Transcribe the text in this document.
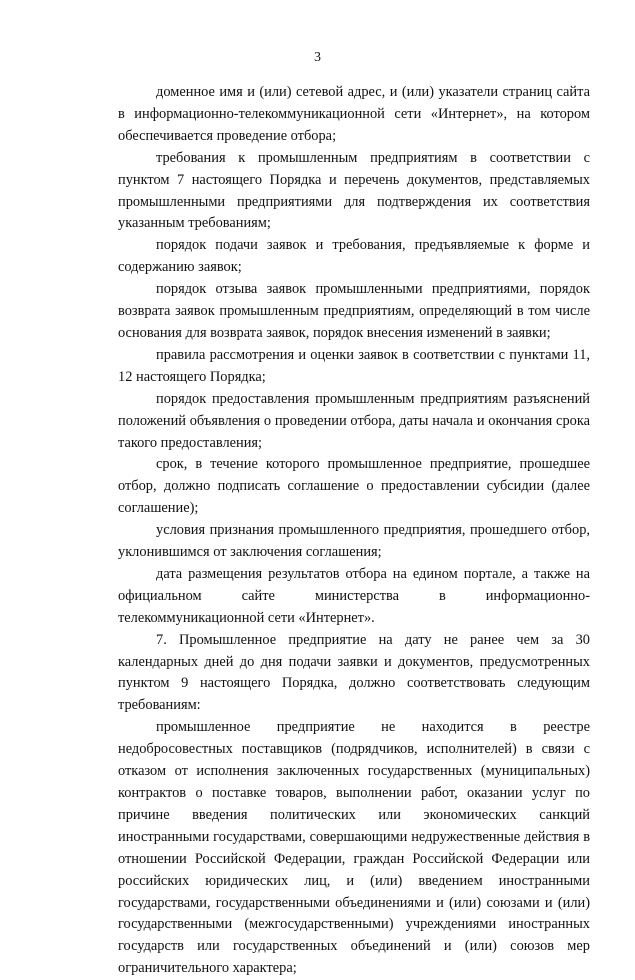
3

доменное имя и (или) сетевой адрес, и (или) указатели страниц сайта в информационно-телекоммуникационной сети «Интернет», на котором обеспечивается проведение отбора;

требования к промышленным предприятиям в соответствии с пунктом 7 настоящего Порядка и перечень документов, представляемых промышленными предприятиями для подтверждения их соответствия указанным требованиям;

порядок подачи заявок и требования, предъявляемые к форме и содержанию заявок;

порядок отзыва заявок промышленными предприятиями, порядок возврата заявок промышленным предприятиям, определяющий в том числе основания для возврата заявок, порядок внесения изменений в заявки;

правила рассмотрения и оценки заявок в соответствии с пунктами 11, 12 настоящего Порядка;

порядок предоставления промышленным предприятиям разъяснений положений объявления о проведении отбора, даты начала и окончания срока такого предоставления;

срок, в течение которого промышленное предприятие, прошедшее отбор, должно подписать соглашение о предоставлении субсидии (далее соглашение);

условия признания промышленного предприятия, прошедшего отбор, уклонившимся от заключения соглашения;

дата размещения результатов отбора на едином портале, а также на официальном сайте министерства в информационно-телекоммуникационной сети «Интернет».

7. Промышленное предприятие на дату не ранее чем за 30 календарных дней до дня подачи заявки и документов, предусмотренных пунктом 9 настоящего Порядка, должно соответствовать следующим требованиям:

промышленное предприятие не находится в реестре недобросовестных поставщиков (подрядчиков, исполнителей) в связи с отказом от исполнения заключенных государственных (муниципальных) контрактов о поставке товаров, выполнении работ, оказании услуг по причине введения политических или экономических санкций иностранными государствами, совершающими недружественные действия в отношении Российской Федерации, граждан Российской Федерации или российских юридических лиц, и (или) введением иностранными государствами, государственными объединениями и (или) союзами и (или) государственными (межгосударственными) учреждениями иностранных государств или государственных объединений и (или) союзов мер ограничительного характера;
